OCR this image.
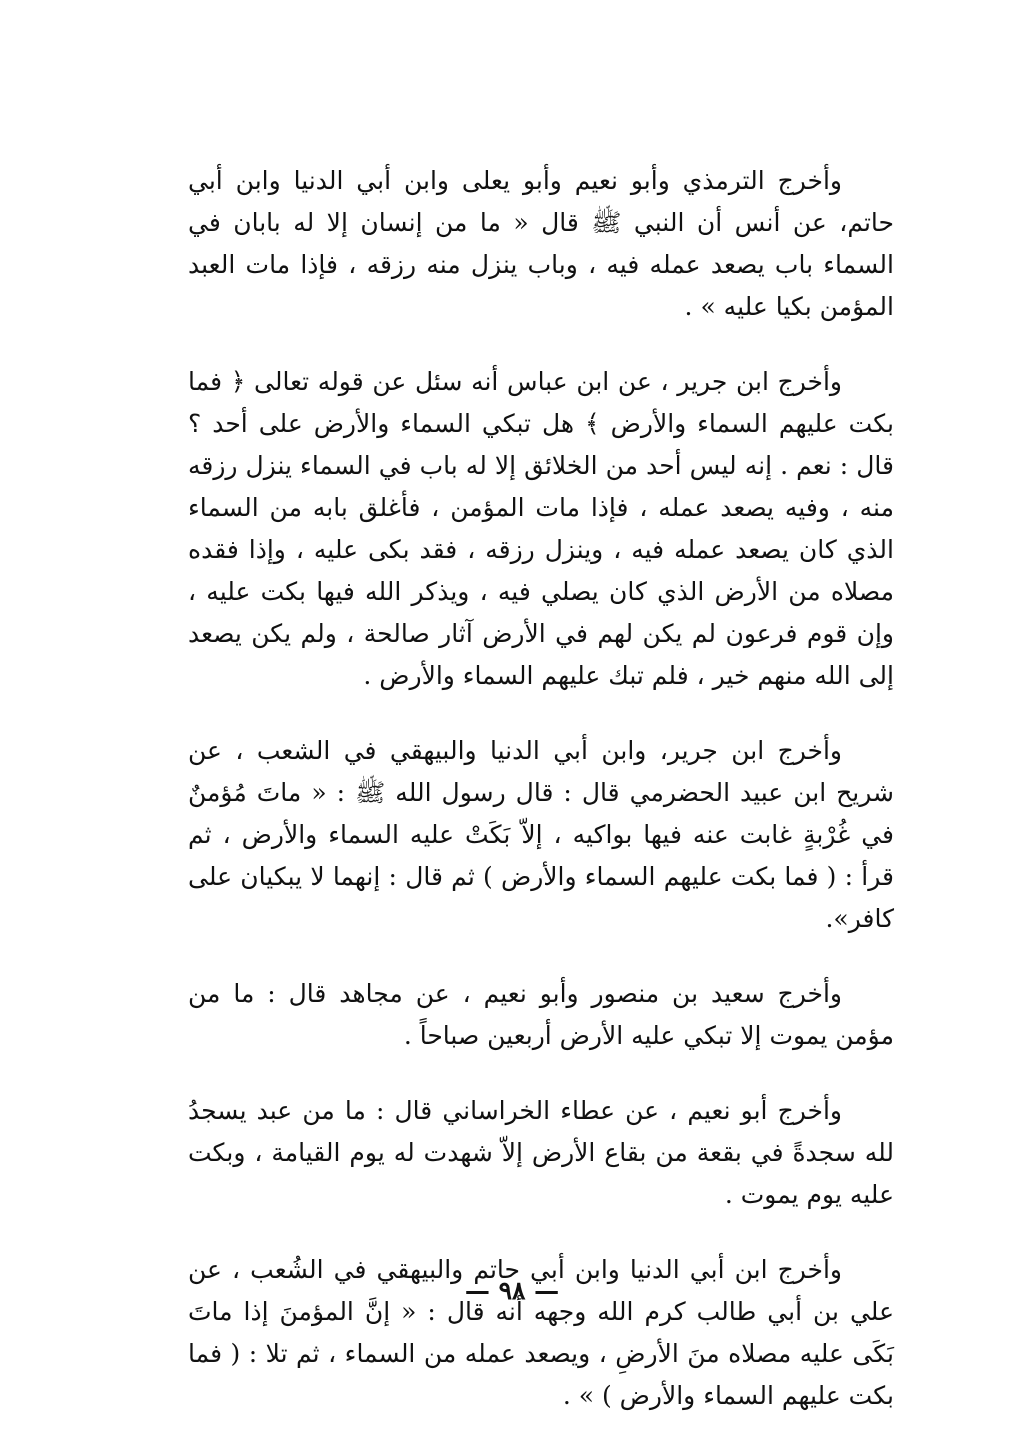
وأخرج الترمذي وأبو نعيم وأبو يعلى وابن أبي الدنيا وابن أبي حاتم، عن أنس أن النبي ﷺ قال « ما من إنسان إلا له بابان في السماء باب يصعد عمله فيه ، وباب ينزل منه رزقه ، فإذا مات العبد المؤمن بكيا عليه » .

وأخرج ابن جرير ، عن ابن عباس أنه سئل عن قوله تعالى ﴿ فما بكت عليهم السماء والأرض ﴾ هل تبكي السماء والأرض على أحد ؟ قال : نعم . إنه ليس أحد من الخلائق إلا له باب في السماء ينزل رزقه منه ، وفيه يصعد عمله ، فإذا مات المؤمن ، فأغلق بابه من السماء الذي كان يصعد عمله فيه ، وينزل رزقه ، فقد بكى عليه ، وإذا فقده مصلاه من الأرض الذي كان يصلي فيه ، ويذكر الله فيها بكت عليه ، وإن قوم فرعون لم يكن لهم في الأرض آثار صالحة ، ولم يكن يصعد إلى الله منهم خير ، فلم تبك عليهم السماء والأرض .

وأخرج ابن جرير، وابن أبي الدنيا والبيهقي في الشعب ، عن شريح ابن عبيد الحضرمي قال : قال رسول الله ﷺ : « ماتَ مُؤمنٌ في غُرْبةٍ غابت عنه فيها بواكيه ، إلاّ بَكَتْ عليه السماء والأرض ، ثم قرأ : ( فما بكت عليهم السماء والأرض ) ثم قال : إنهما لا يبكيان على كافر».

وأخرج سعيد بن منصور وأبو نعيم ، عن مجاهد قال : ما من مؤمن يموت إلا تبكي عليه الأرض أربعين صباحاً .

وأخرج أبو نعيم ، عن عطاء الخراساني قال : ما من عبد يسجدُ لله سجدةً في بقعة من بقاع الأرض إلاّ شهدت له يوم القيامة ، وبكت عليه يوم يموت .

وأخرج ابن أبي الدنيا وابن أبي حاتم والبيهقي في الشُعب ، عن علي بن أبي طالب كرم الله وجهه أنه قال : « إنَّ المؤمنَ إذا ماتَ بَكَى عليه مصلاه منَ الأرضِ ، ويصعد عمله من السماء ، ثم تلا : ( فما بكت عليهم السماء والأرض ) » .

— ٩٨ —
